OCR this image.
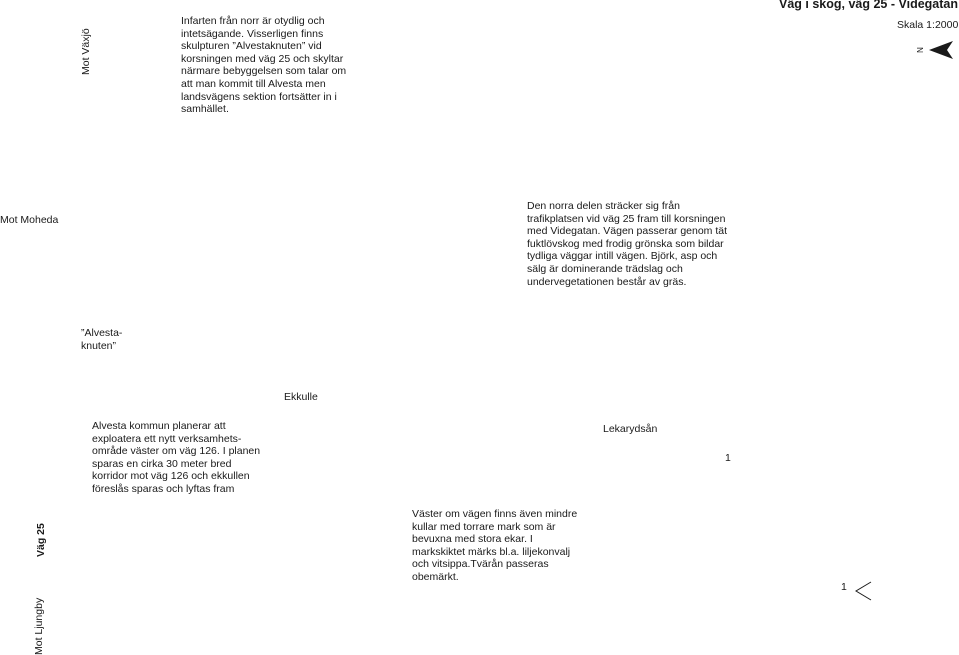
Väg i skog, väg 25 - Videgatan
Skala 1:2000
N
Mot Växjö
Väg 25
Mot Ljungby
Mot Moheda
”Alvesta-
knuten”
Ekkulle
Lekarydsån
1
1
Infarten från norr är otydlig och
intetsägande. Visserligen finns
skulpturen ”Alvestaknuten” vid
korsningen med väg 25 och skyltar
närmare bebyggelsen som talar om
att man kommit till Alvesta men
landsvägens sektion fortsätter in i
samhället.
Den norra delen sträcker sig från
trafikplatsen vid väg 25 fram till korsningen
med Videgatan. Vägen passerar genom tät
fuktlövskog med frodig grönska som bildar
tydliga väggar intill vägen. Björk, asp och
sälg är dominerande trädslag och
undervegetationen består av gräs.
Alvesta kommun planerar att
exploatera ett nytt verksamhets-
område väster om väg 126. I planen
sparas en cirka 30 meter bred
korridor mot väg 126 och ekkullen
föreslås sparas och lyftas fram
Väster om vägen finns även mindre
kullar med torrare mark som är
bevuxna med stora ekar. I
markskiktet märks bl.a. liljekonvalj
och vitsippa.Tvärån passeras
obemärkt.
